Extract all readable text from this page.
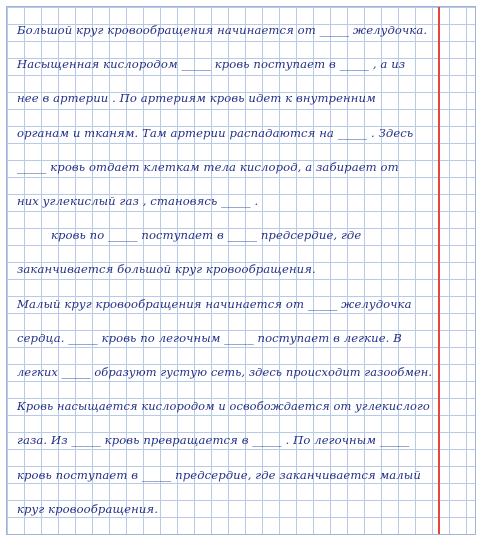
Большой круг кровообращения начинается от _____ желудочка.
Насыщенная кислородом _____ кровь поступает в _____ , а из
нее в артерии . По артериям кровь идет к внутренним
органам и тканям. Там артерии распадаются на _____ . Здесь
_____ кровь отдает клеткам тела кислород, а забирает от
них углекислый газ , становясь _____ .
кровь по _____ поступает в _____ предсердие, где
заканчивается большой круг кровообращения.
Малый круг кровообращения начинается от _____ желудочка
сердца. _____ кровь по легочным _____ поступает в легкие. В
легких _____ образуют густую сеть, здесь происходит газообмен.
Кровь насыщается кислородом и освобождается от углекислого
газа. Из _____ кровь превращается в _____ . По легочным _____
кровь поступает в _____ предсердие, где заканчивается малый
круг кровообращения.
